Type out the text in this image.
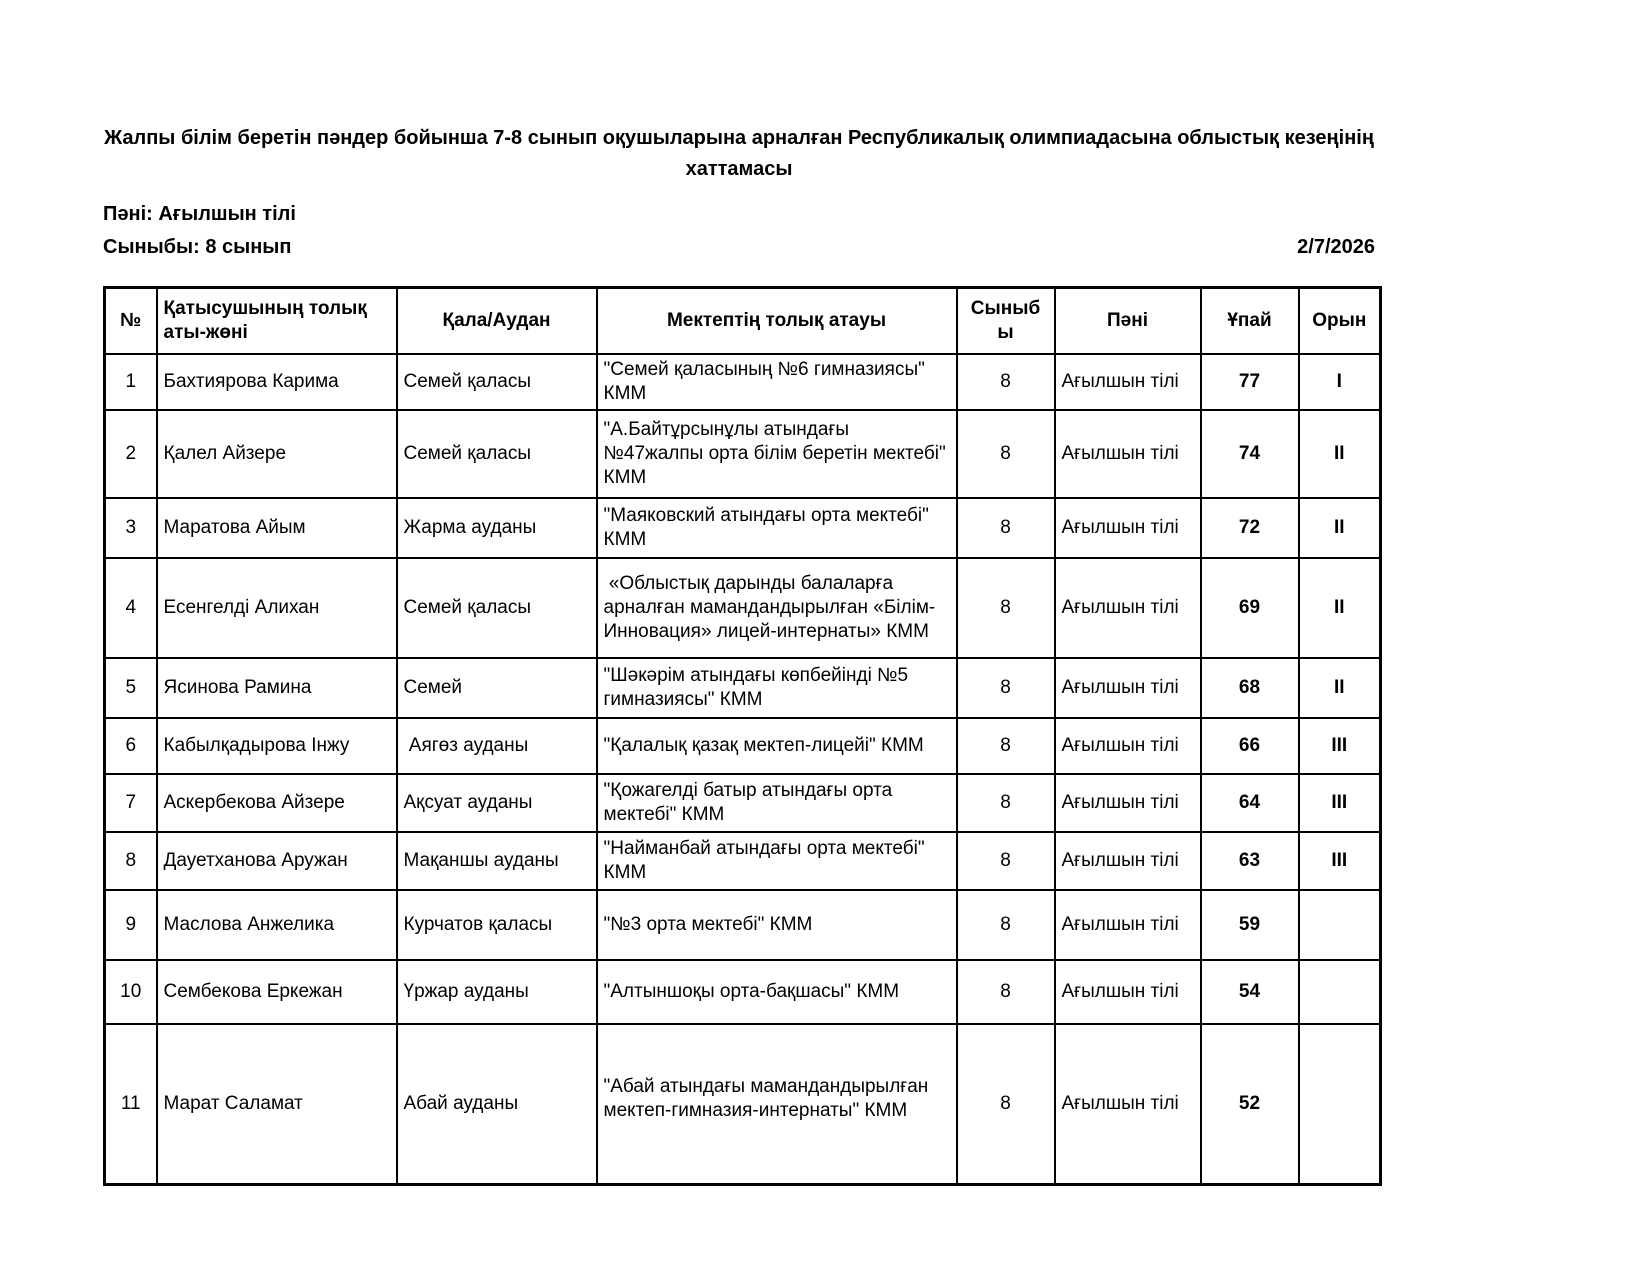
Жалпы білім беретін пәндер бойынша 7-8 сынып оқушыларына арналған Республикалық олимпиадасына облыстық кезеңінің хаттамасы
Пәні: Ағылшын тілі
Сыныбы: 8 сынып	2/7/2026
№	Қатысушының толық аты-жөні	Қала/Аудан	Мектептің толық атауы	Сыныбы	Пәні	Ұпай	Орын
1	Бахтиярова Карима	Семей қаласы	"Семей қаласының №6 гимназиясы" КММ	8	Ағылшын тілі	77	I
2	Қалел Айзере	Семей қаласы	"А.Байтұрсынұлы атындағы №47жалпы орта білім беретін мектебі" КММ	8	Ағылшын тілі	74	II
3	Маратова Айым	Жарма ауданы	"Маяковский атындағы орта мектебі" КММ	8	Ағылшын тілі	72	II
4	Есенгелді Алихан	Семей қаласы	«Облыстық дарынды балаларға арналған мамандандырылған «Білім-Инновация» лицей-интернаты» КММ	8	Ағылшын тілі	69	II
5	Ясинова Рамина	Семей	"Шәкәрім атындағы көпбейінді №5 гимназиясы" КММ	8	Ағылшын тілі	68	II
6	Кабылқадырова Інжу	Аягөз ауданы	"Қалалық қазақ мектеп-лицейі" КММ	8	Ағылшын тілі	66	III
7	Аскербекова Айзере	Ақсуат ауданы	"Қожагелді батыр атындағы орта мектебі" КММ	8	Ағылшын тілі	64	III
8	Дауетханова Аружан	Мақаншы ауданы	"Найманбай атындағы орта мектебі" КММ	8	Ағылшын тілі	63	III
9	Маслова Анжелика	Курчатов қаласы	"№3 орта мектебі" КММ	8	Ағылшын тілі	59	
10	Сембекова Еркежан	Үржар ауданы	"Алтыншоқы орта-бақшасы" КММ	8	Ағылшын тілі	54	
11	Марат Саламат	Абай ауданы	"Абай атындағы мамандандырылған мектеп-гимназия-интернаты" КММ	8	Ағылшын тілі	52	
